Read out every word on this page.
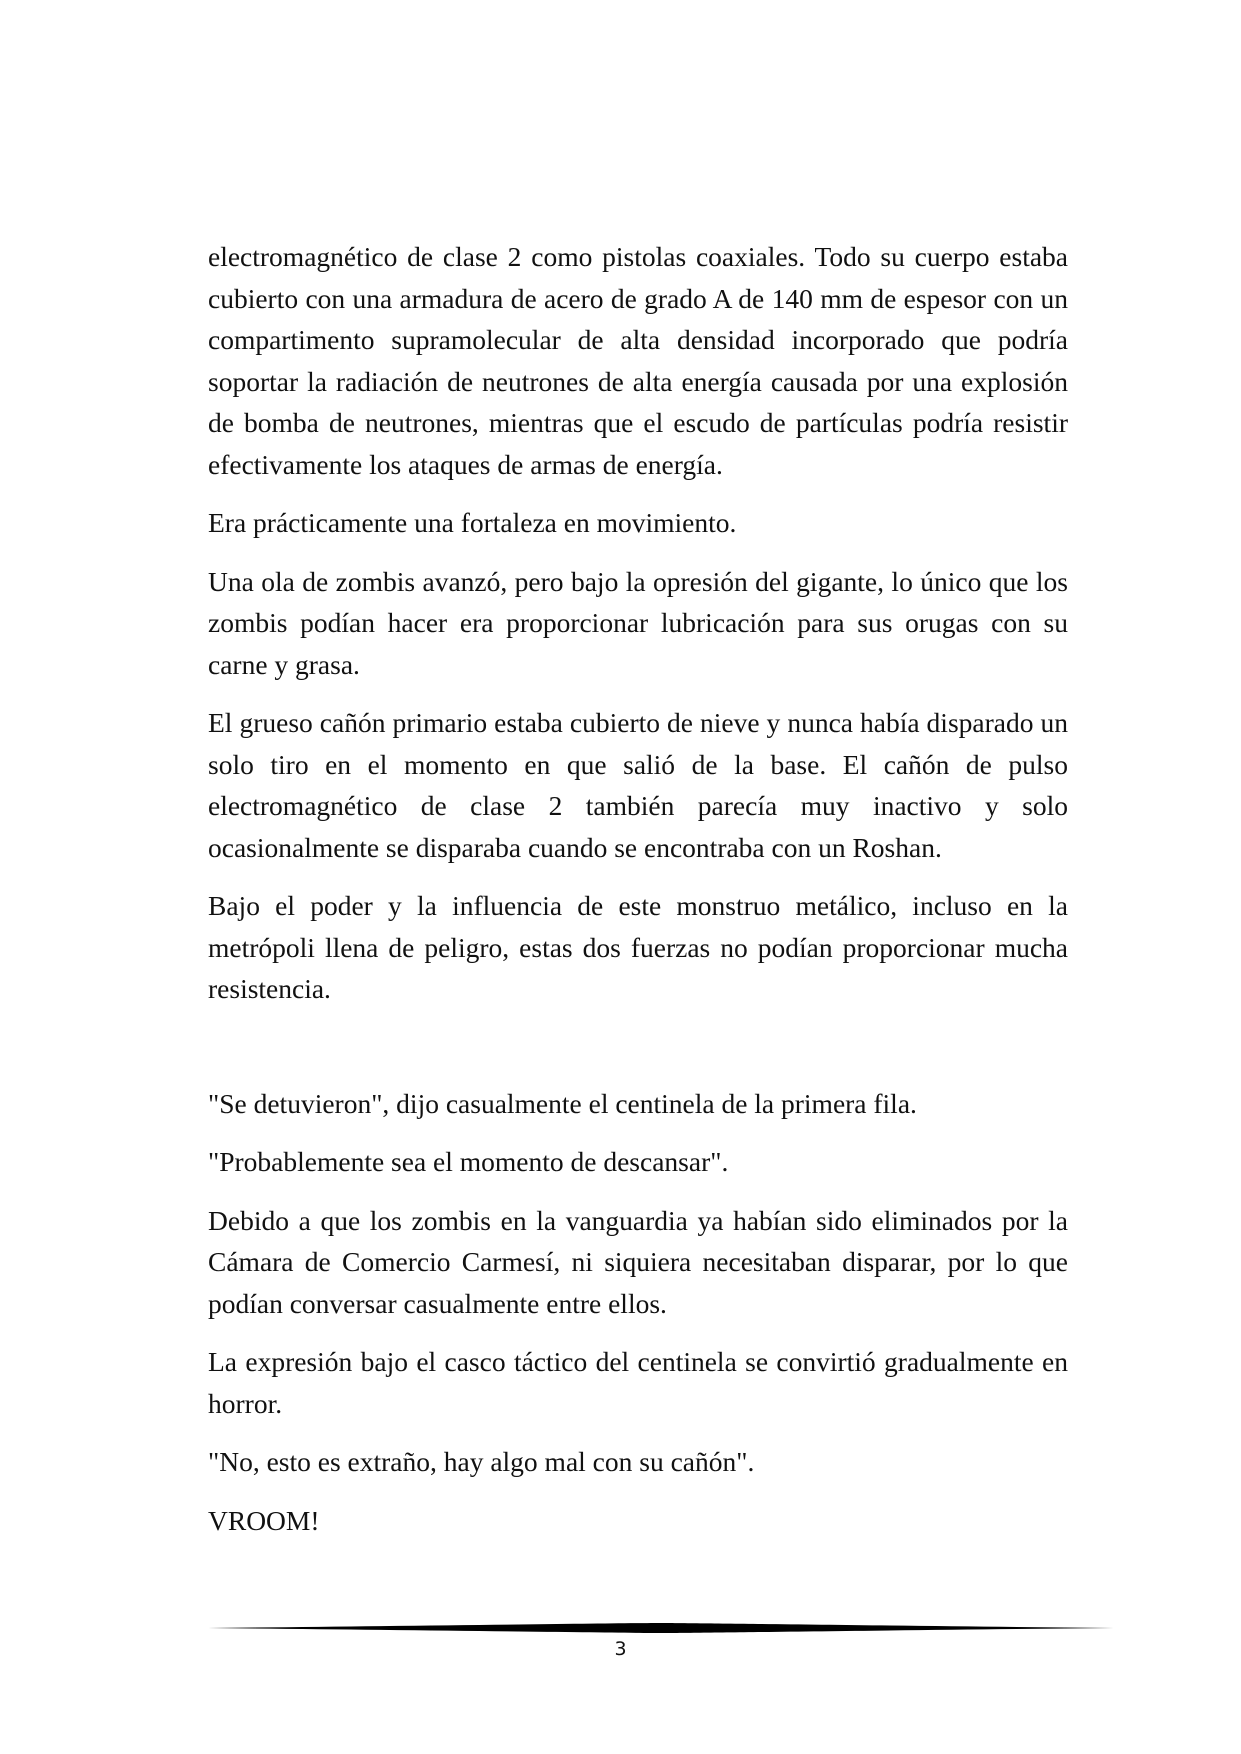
electromagnético de clase 2 como pistolas coaxiales. Todo su cuerpo estaba cubierto con una armadura de acero de grado A de 140 mm de espesor con un compartimento supramolecular de alta densidad incorporado que podría soportar la radiación de neutrones de alta energía causada por una explosión de bomba de neutrones, mientras que el escudo de partículas podría resistir efectivamente los ataques de armas de energía.

Era prácticamente una fortaleza en movimiento.

Una ola de zombis avanzó, pero bajo la opresión del gigante, lo único que los zombis podían hacer era proporcionar lubricación para sus orugas con su carne y grasa.

El grueso cañón primario estaba cubierto de nieve y nunca había disparado un solo tiro en el momento en que salió de la base. El cañón de pulso electromagnético de clase 2 también parecía muy inactivo y solo ocasionalmente se disparaba cuando se encontraba con un Roshan.

Bajo el poder y la influencia de este monstruo metálico, incluso en la metrópoli llena de peligro, estas dos fuerzas no podían proporcionar mucha resistencia.

"Se detuvieron", dijo casualmente el centinela de la primera fila.

"Probablemente sea el momento de descansar".

Debido a que los zombis en la vanguardia ya habían sido eliminados por la Cámara de Comercio Carmesí, ni siquiera necesitaban disparar, por lo que podían conversar casualmente entre ellos.

La expresión bajo el casco táctico del centinela se convirtió gradualmente en horror.

"No, esto es extraño, hay algo mal con su cañón".

VROOM!

3
